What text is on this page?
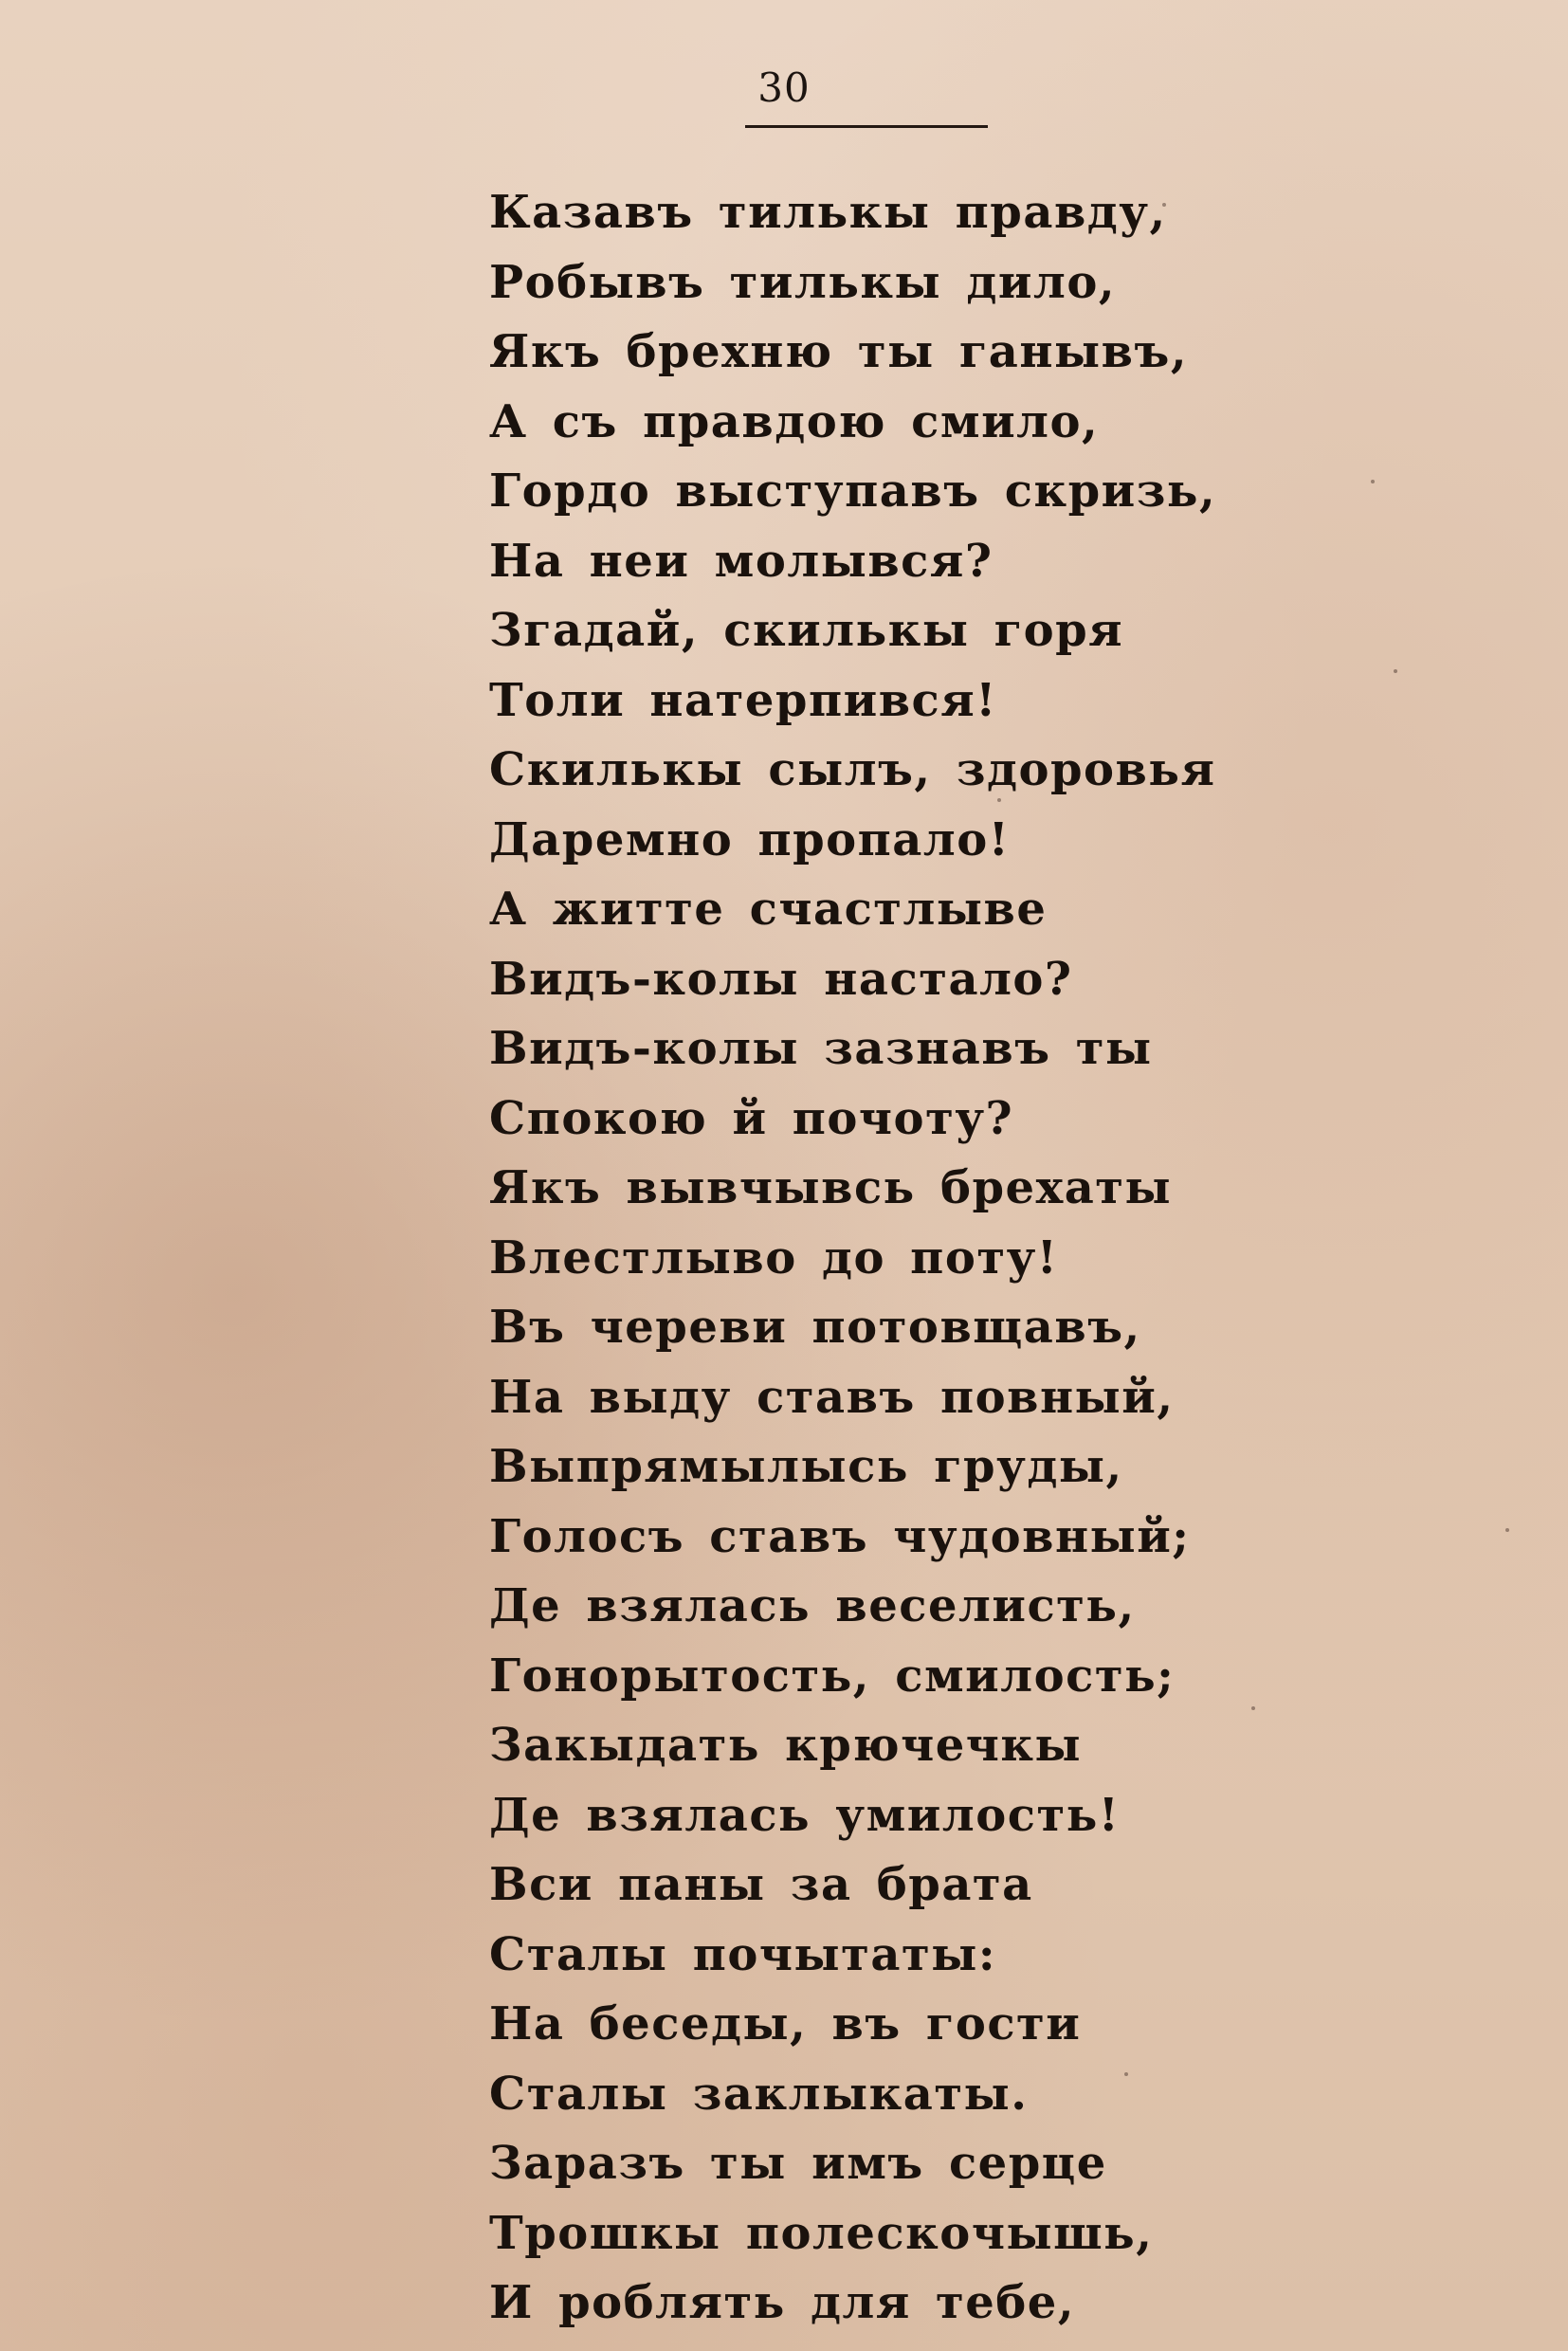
30
Казавъ тилькы правду,
Робывъ тилькы дило,
Якъ брехню ты ганывъ,
А съ правдою смило,
Гордо выступавъ скризь,
На неи молывся?
Згадай, скилькы горя
Толи натерпився!
Скилькы сылъ, здоровья
Даремно пропало!
А житте счастлыве
Видъ-колы настало?
Видъ-колы зазнавъ ты
Спокою й почоту?
Якъ вывчывсь брехаты
Влестлыво до поту!
Въ череви потовщавъ,
На выду ставъ повный,
Выпрямылысь груды,
Голосъ ставъ чудовный;
Де взялась веселисть,
Гонорытость, смилость;
Закыдать крючечкы
Де взялась умилость!
Вси паны за брата
Сталы почытаты:
На беседы, въ гости
Сталы заклыкаты.
Заразъ ты имъ серце
Трошкы полескочышь,
И роблять для тебе,
